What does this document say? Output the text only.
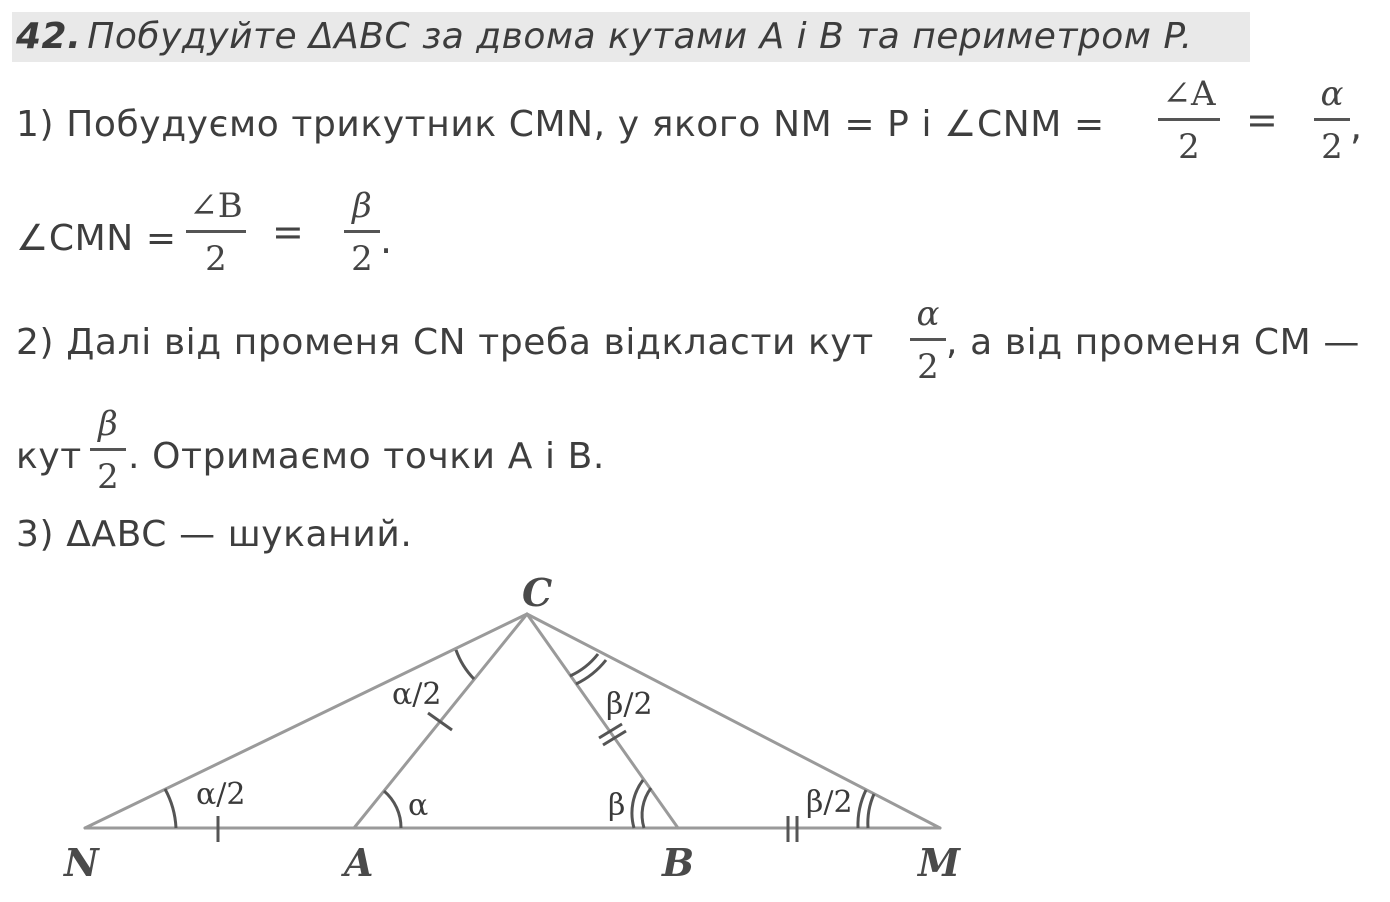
42. Побудуйте ΔABC за двома кутами A і B та периметром P.
1) Побудуємо трикутник CMN, у якого NM = P і ∠CNM =
∠A
2
=
α
2 ,
∠CMN =
∠B
2
=
β
2 .
2) Далі від променя CN треба відкласти кут
α
2
, а від променя CM —
кут
β
2 . Отримаємо точки A і B.
3) ΔABC — шуканий.
C
N	A	B	M
α/2
α/2	α	β
β/2
β/2
